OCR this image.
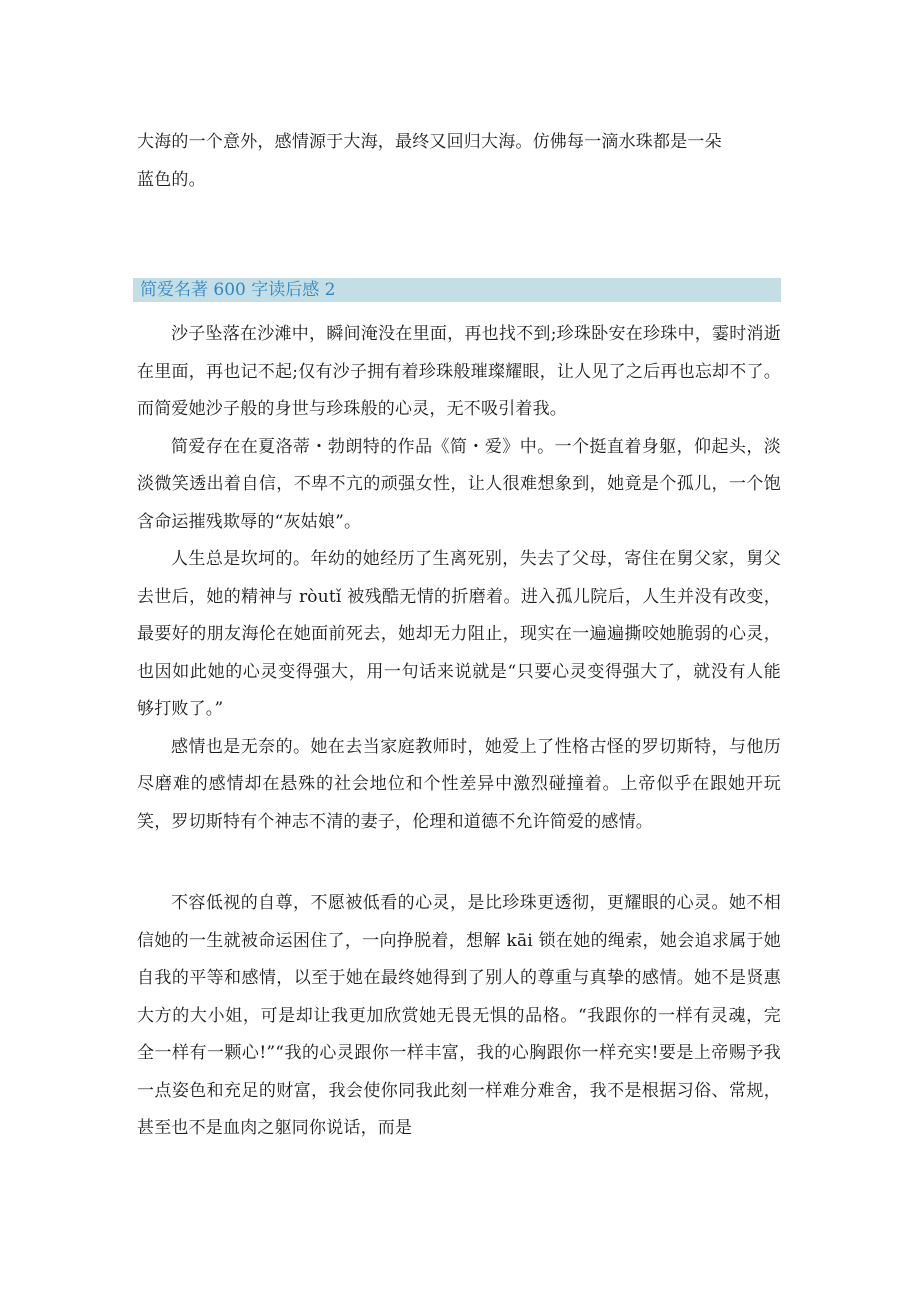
大海的一个意外，感情源于大海，最终又回归大海。仿佛每一滴水珠都是一朵
蓝色的。

简爱名著 600 字读后感 2

沙子坠落在沙滩中，瞬间淹没在里面，再也找不到;珍珠卧安在珍珠中，霎时消逝在里面，再也记不起;仅有沙子拥有着珍珠般璀璨耀眼，让人见了之后再也忘却不了。而简爱她沙子般的身世与珍珠般的心灵，无不吸引着我。

简爱存在在夏洛蒂・勃朗特的作品《简・爱》中。一个挺直着身躯，仰起头，淡淡微笑透出着自信，不卑不亢的顽强女性，让人很难想象到，她竟是个孤儿，一个饱含命运摧残欺辱的“灰姑娘”。

人生总是坎坷的。年幼的她经历了生离死别，失去了父母，寄住在舅父家，舅父去世后，她的精神与 ròutǐ 被残酷无情的折磨着。进入孤儿院后，人生并没有改变，最要好的朋友海伦在她面前死去，她却无力阻止，现实在一遍遍撕咬她脆弱的心灵，也因如此她的心灵变得强大，用一句话来说就是“只要心灵变得强大了，就没有人能够打败了。”

感情也是无奈的。她在去当家庭教师时，她爱上了性格古怪的罗切斯特，与他历尽磨难的感情却在悬殊的社会地位和个性差异中激烈碰撞着。上帝似乎在跟她开玩笑，罗切斯特有个神志不清的妻子，伦理和道德不允许简爱的感情。

不容低视的自尊，不愿被低看的心灵，是比珍珠更透彻，更耀眼的心灵。她不相信她的一生就被命运困住了，一向挣脱着，想解 kāi 锁在她的绳索，她会追求属于她自我的平等和感情，以至于她在最终她得到了别人的尊重与真挚的感情。她不是贤惠大方的大小姐，可是却让我更加欣赏她无畏无惧的品格。“我跟你的一样有灵魂，完全一样有一颗心!”“我的心灵跟你一样丰富，我的心胸跟你一样充实!要是上帝赐予我一点姿色和充足的财富，我会使你同我此刻一样难分难舍，我不是根据习俗、常规，甚至也不是血肉之躯同你说话，而是
